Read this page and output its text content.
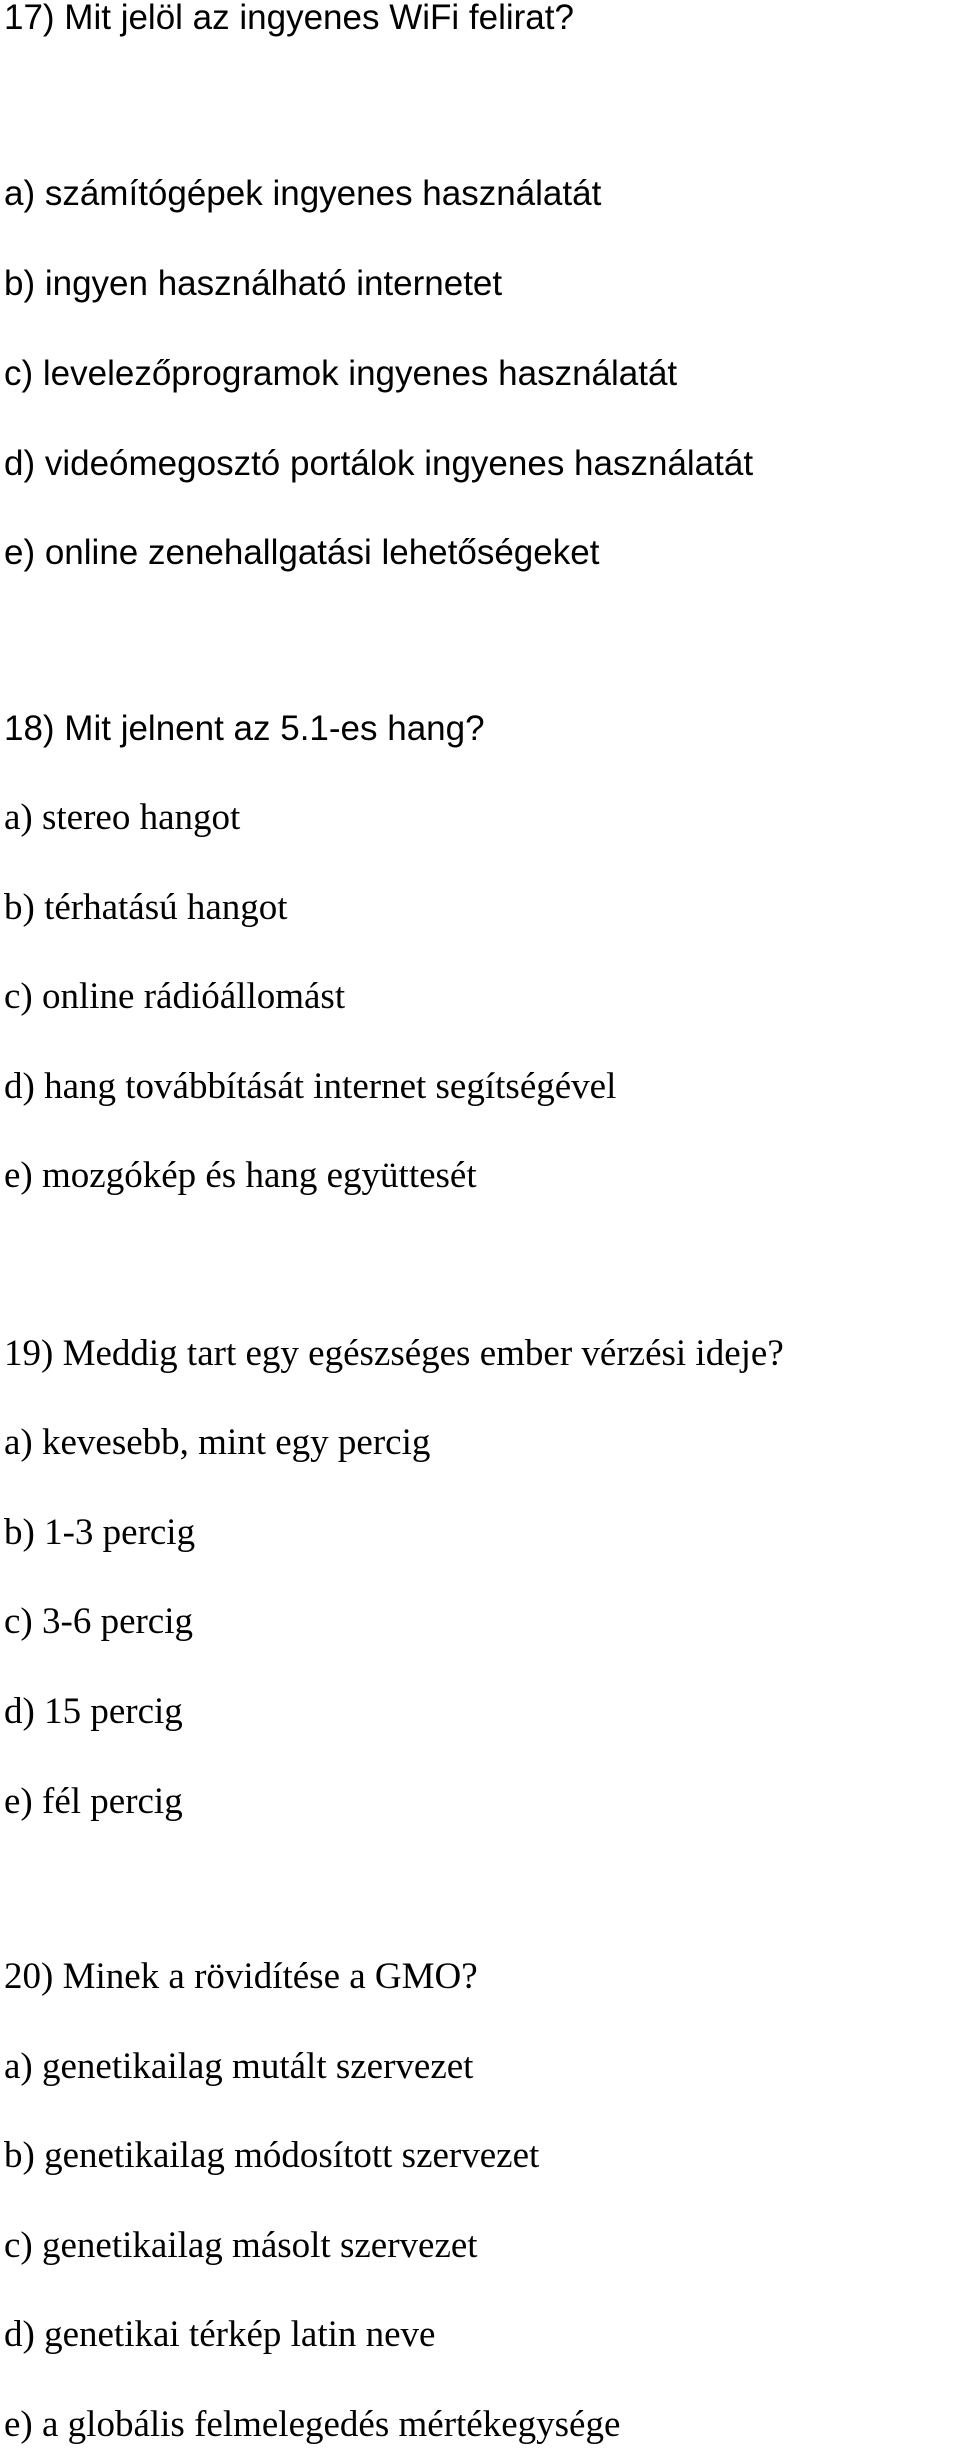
17) Mit jelöl az ingyenes WiFi felirat?
a) számítógépek ingyenes használatát
b) ingyen használható internetet
c) levelezőprogramok ingyenes használatát
d) videómegosztó portálok ingyenes használatát
e) online zenehallgatási lehetőségeket
18) Mit jelnent az 5.1-es hang?
a) stereo hangot
b) térhatású hangot
c) online rádióállomást
d) hang továbbítását internet segítségével
e) mozgókép és hang együttesét
19) Meddig tart egy egészséges ember vérzési ideje?
a) kevesebb, mint egy percig
b) 1-3 percig
c) 3-6 percig
d) 15 percig
e) fél percig
20) Minek a rövidítése a GMO?
a) genetikailag mutált szervezet
b) genetikailag módosított szervezet
c) genetikailag másolt szervezet
d) genetikai térkép latin neve
e) a globális felmelegedés mértékegysége
